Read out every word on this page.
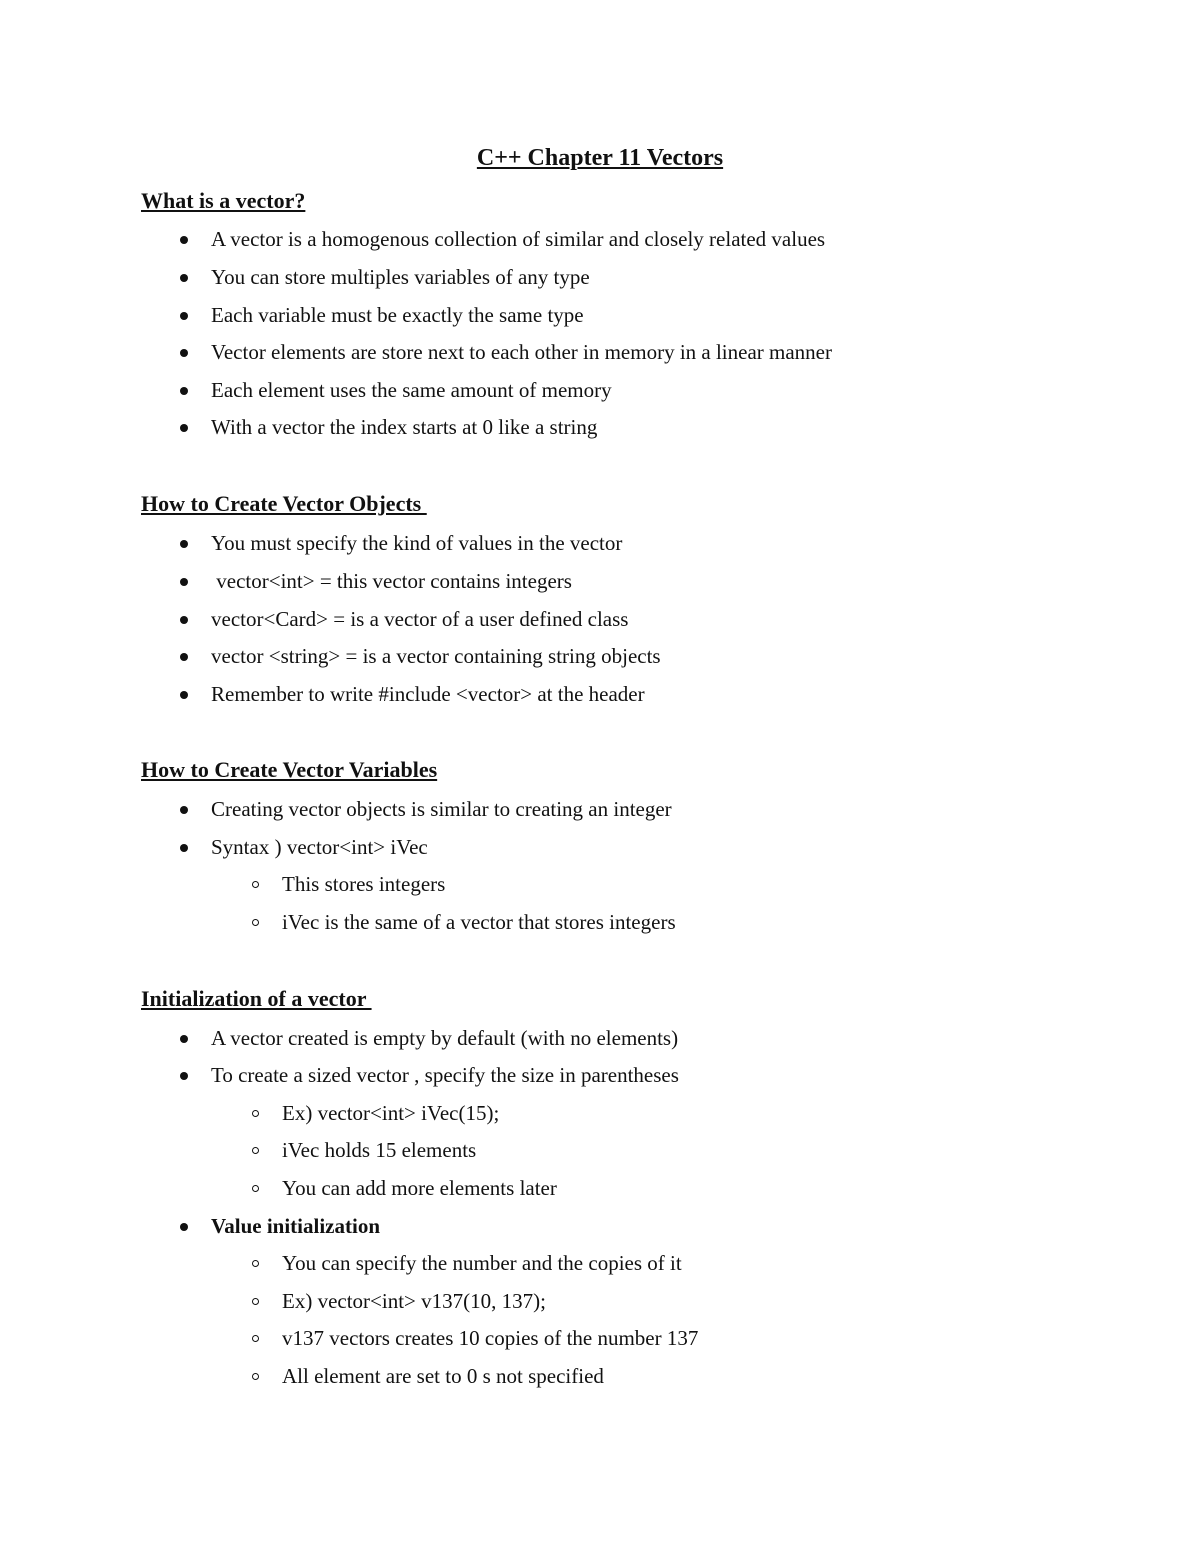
C++ Chapter 11 Vectors
What is a vector?

A vector is a homogenous collection of similar and closely related values

You can store multiples variables of any type

Each variable must be exactly the same type

Vector elements are store next to each other in memory in a linear manner

Each element uses the same amount of memory

With a vector the index starts at 0 like a string

How to Create Vector Objects

You must specify the kind of values in the vector

vector<int> = this vector contains integers

vector<Card> = is a vector of a user defined class

vector <string> = is a vector containing string objects

Remember to write #include <vector> at the header

How to Create Vector Variables

Creating vector objects is similar to creating an integer

Syntax ) vector<int> iVec

This stores integers

iVec is the same of a vector that stores integers

Initialization of a vector

A vector created is empty by default (with no elements)

To create a sized vector , specify the size in parentheses

Ex) vector<int> iVec(15);

iVec holds 15 elements

You can add more elements later

Value initialization

You can specify the number and the copies of it

Ex) vector<int> v137(10, 137);

v137 vectors creates 10 copies of the number 137

All element are set to 0 s not specified
